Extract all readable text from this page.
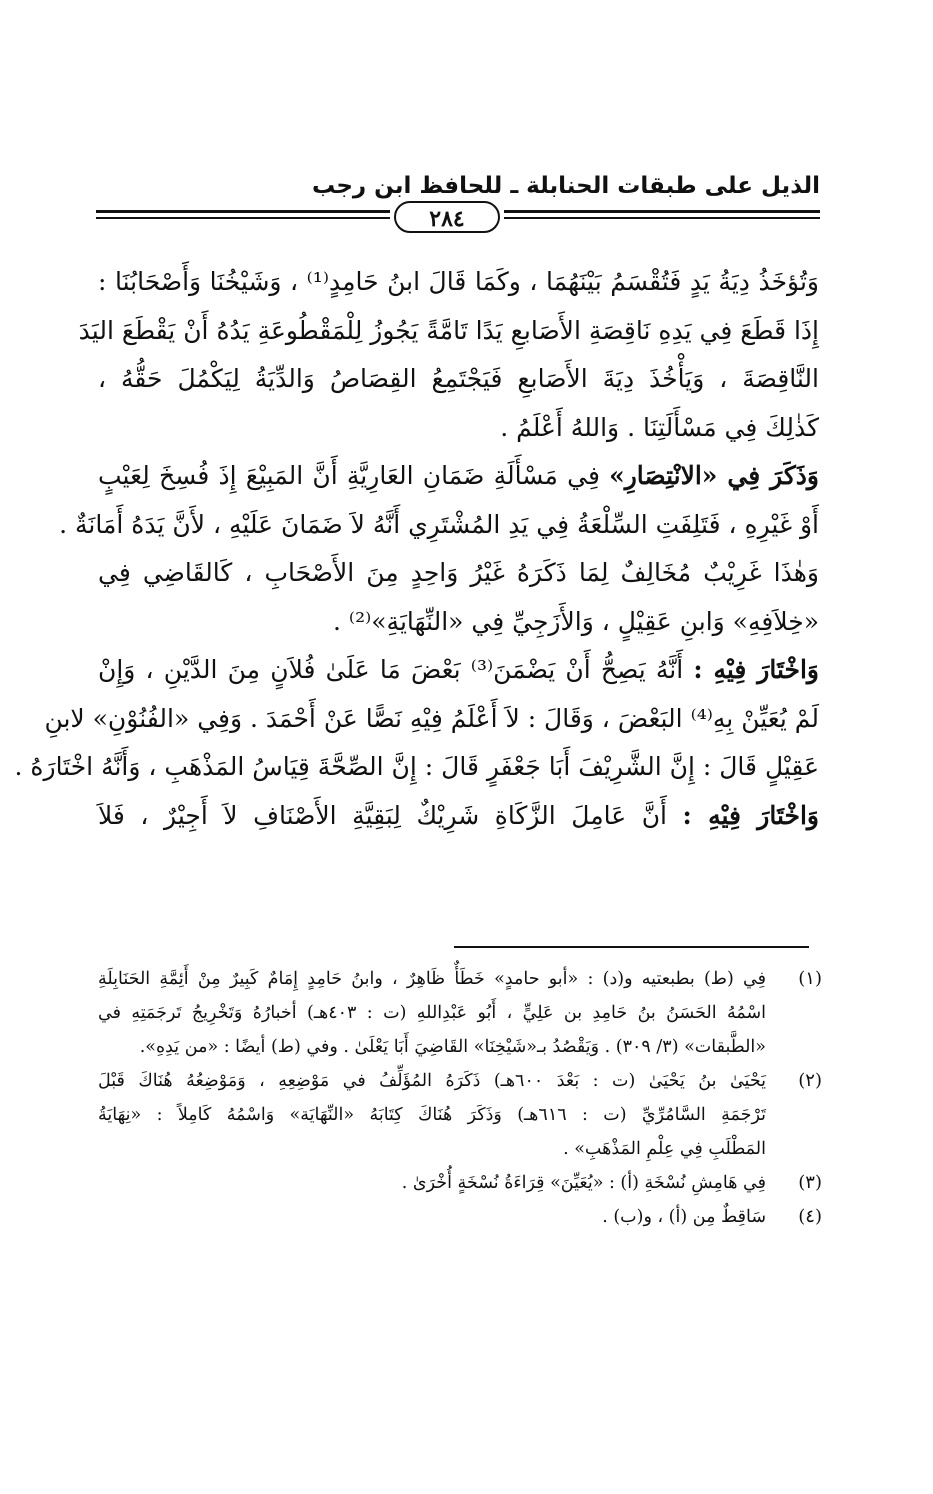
الذيل على طبقات الحنابلة ـ للحافظ ابن رجب
٢٨٤
وَتُؤخَذُ دِيَةُ يَدٍ فَتُقْسَمُ بَيْنَهُمَا ، وكَمَا قَالَ ابنُ حَامِدٍ⁽¹⁾ ، وَشَيْخُنَا وَأَصْحَابُنَا :
إِذَا قَطَعَ فِي يَدِهِ نَاقِصَةِ الأَصَابعِ يَدًا تَامَّةً يَجُوزُ لِلْمَقْطُوعَةِ يَدُهُ أَنْ يَقْطَعَ اليَدَ
النَّاقِصَةَ ، وَيَأْخُذَ دِيَةَ الأَصَابعِ فَيَجْتَمِعُ القِصَاصُ وَالدِّيَةُ لِيَكْمُلَ حَقُّهُ ،
كَذٰلِكَ فِي مَسْأَلَتِنَا . وَاللهُ أَعْلَمُ .
وَذَكَرَ فِي «الانْتِصَارِ» فِي مَسْأَلَةِ ضَمَانِ العَارِيَّةِ أَنَّ المَبِيْعَ إِذَ فُسِخَ لِعَيْبٍ
أَوْ غَيْرِهِ ، فَتَلِفَتِ السِّلْعَةُ فِي يَدِ المُشْتَرِي أَنَّهُ لاَ ضَمَانَ عَلَيْهِ ، لأَنَّ يَدَهُ أَمَانَةٌ .
وَهٰذَا غَرِيْبٌ مُخَالِفٌ لِمَا ذَكَرَهُ غَيْرُ وَاحِدٍ مِنَ الأَصْحَابِ ، كَالقَاضِي فِي
«خِلاَفِهِ» وَابنِ عَقِيْلٍ ، وَالأَزَجِيِّ فِي «النِّهَايَةِ»⁽²⁾ .
وَاخْتَارَ فِيْهِ : أَنَّهُ يَصِحُّ أَنْ يَضْمَنَ⁽³⁾ بَعْضَ مَا عَلَىٰ فُلاَنٍ مِنَ الدَّيْنِ ، وَإِنْ
لَمْ يُعَيِّنْ بِهِ⁽⁴⁾ البَعْضَ ، وَقَالَ : لاَ أَعْلَمُ فِيْهِ نَصًّا عَنْ أَحْمَدَ . وَفِي «الفُنُوْنِ» لابنِ
عَقِيْلٍ قَالَ : إِنَّ الشَّرِيْفَ أَبَا جَعْفَرٍ قَالَ : إِنَّ الصِّحَّةَ قِيَاسُ المَذْهَبِ ، وَأَنَّهُ اخْتَارَهُ .
وَاخْتَارَ فِيْهِ : أَنَّ عَامِلَ الزَّكَاةِ شَرِيْكٌ لِبَقِيَّةِ الأَصْنَافِ لاَ أَجِيْرٌ ، فَلاَ
(١)
فِي (ط) بطبعتيه و(د) : «أبو حامدٍ» خَطَأٌ ظَاهِرٌ ، وابنُ حَامِدٍ إِمَامٌ كَبِيرٌ مِنْ أَئِمَّةِ الحَنَابِلَةِ
اسْمُهُ الحَسَنُ بنُ حَامِدِ بن عَلِيٍّ ، أَبُو عَبْدِاللهِ (ت : ٤٠٣هـ) أخبارُهُ وَتَخْرِيجُ تَرجَمَتِهِ في
«الطَّبقات» (٣/ ٣٠٩) . وَيَقْصُدُ بـ«شَيْخِنَا» القَاضِيَ أَبَا يَعْلَىٰ . وفي (ط) أيضًا : «من يَدِهِ».
(٢)
يَحْيَىٰ بنُ يَحْيَىٰ (ت : بَعْدَ ٦٠٠هـ) ذَكَرَهُ المُؤَلِّفُ في مَوْضِعِهِ ، وَمَوْضِعُهُ هُنَاكَ قَبْلَ
تَرْجَمَةِ السَّامُرِّيِّ (ت : ٦١٦هـ) وَذَكَرَ هُنَاكَ كِتَابَهُ «النِّهَايَة» وَاسْمُهُ كَامِلاً : «نِهَايَةُ
المَطْلَبِ فِي عِلْمِ المَذْهَبِ» .
(٣)
فِي هَامِشِ نُسْخَةِ (أ) : «يُعَيِّنَ» قِرَاءَةُ نُسْخَةٍ أُخْرَىٰ .
(٤)
سَاقِطٌ مِن (أ) ، و(ب) .
